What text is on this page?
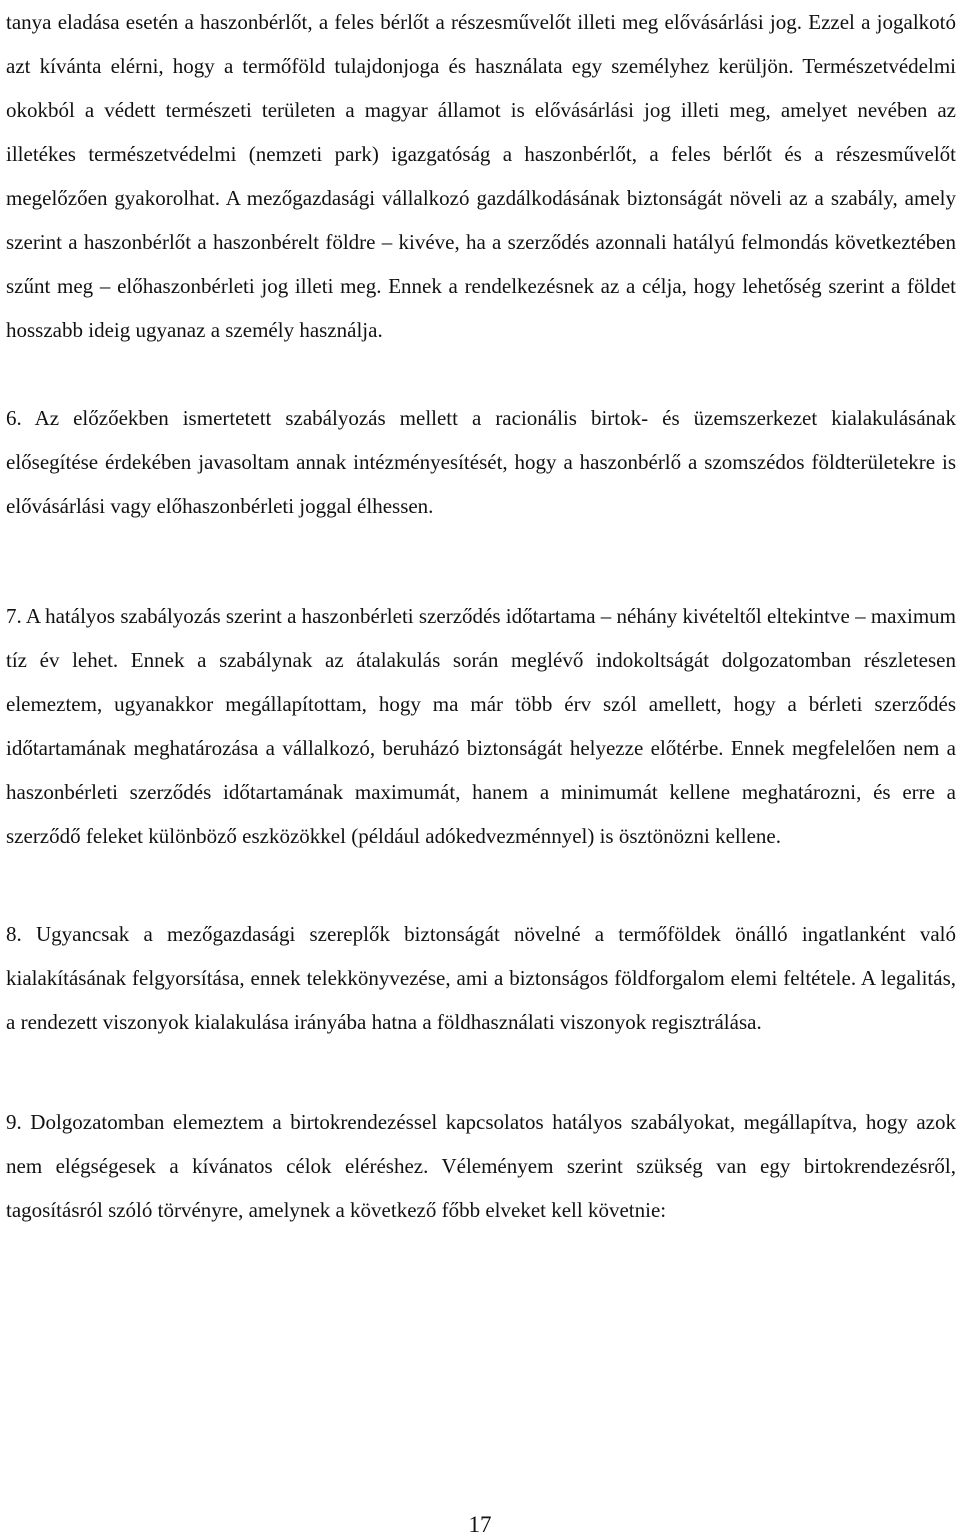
tanya eladása esetén a haszonbérlőt, a feles bérlőt a részesművelőt illeti meg elővásárlási jog. Ezzel a jogalkotó azt kívánta elérni, hogy a termőföld tulajdonjoga és használata egy személyhez kerüljön. Természetvédelmi okokból a védett természeti területen a magyar államot is elővásárlási jog illeti meg, amelyet nevében az illetékes természetvédelmi (nemzeti park) igazgatóság a haszonbérlőt, a feles bérlőt és a részesművelőt megelőzően gyakorolhat. A mezőgazdasági vállalkozó gazdálkodásának biztonságát növeli az a szabály, amely szerint a haszonbérlőt a haszonbérelt földre – kivéve, ha a szerződés azonnali hatályú felmondás következtében szűnt meg – előhaszonbérleti jog illeti meg. Ennek a rendelkezésnek az a célja, hogy lehetőség szerint a földet hosszabb ideig ugyanaz a személy használja.

6. Az előzőekben ismertetett szabályozás mellett a racionális birtok- és üzemszerkezet kialakulásának elősegítése érdekében javasoltam annak intézményesítését, hogy a haszonbérlő a szomszédos földterületekre is elővásárlási vagy előhaszonbérleti joggal élhessen.

7. A hatályos szabályozás szerint a haszonbérleti szerződés időtartama – néhány kivételtől eltekintve – maximum tíz év lehet. Ennek a szabálynak az átalakulás során meglévő indokoltságát dolgozatomban részletesen elemeztem, ugyanakkor megállapítottam, hogy ma már több érv szól amellett, hogy a bérleti szerződés időtartamának meghatározása a vállalkozó, beruházó biztonságát helyezze előtérbe. Ennek megfelelően nem a haszonbérleti szerződés időtartamának maximumát, hanem a minimumát kellene meghatározni, és erre a szerződő feleket különböző eszközökkel (például adókedvezménnyel) is ösztönözni kellene.

8. Ugyancsak a mezőgazdasági szereplők biztonságát növelné a termőföldek önálló ingatlanként való kialakításának felgyorsítása, ennek telekkönyvezése, ami a biztonságos földforgalom elemi feltétele. A legalitás, a rendezett viszonyok kialakulása irányába hatna a földhasználati viszonyok regisztrálása.

9. Dolgozatomban elemeztem a birtokrendezéssel kapcsolatos hatályos szabályokat, megállapítva, hogy azok nem elégségesek a kívánatos célok eléréshez. Véleményem szerint szükség van egy birtokrendezésről, tagosításról szóló törvényre, amelynek a következő főbb elveket kell követnie:

17
